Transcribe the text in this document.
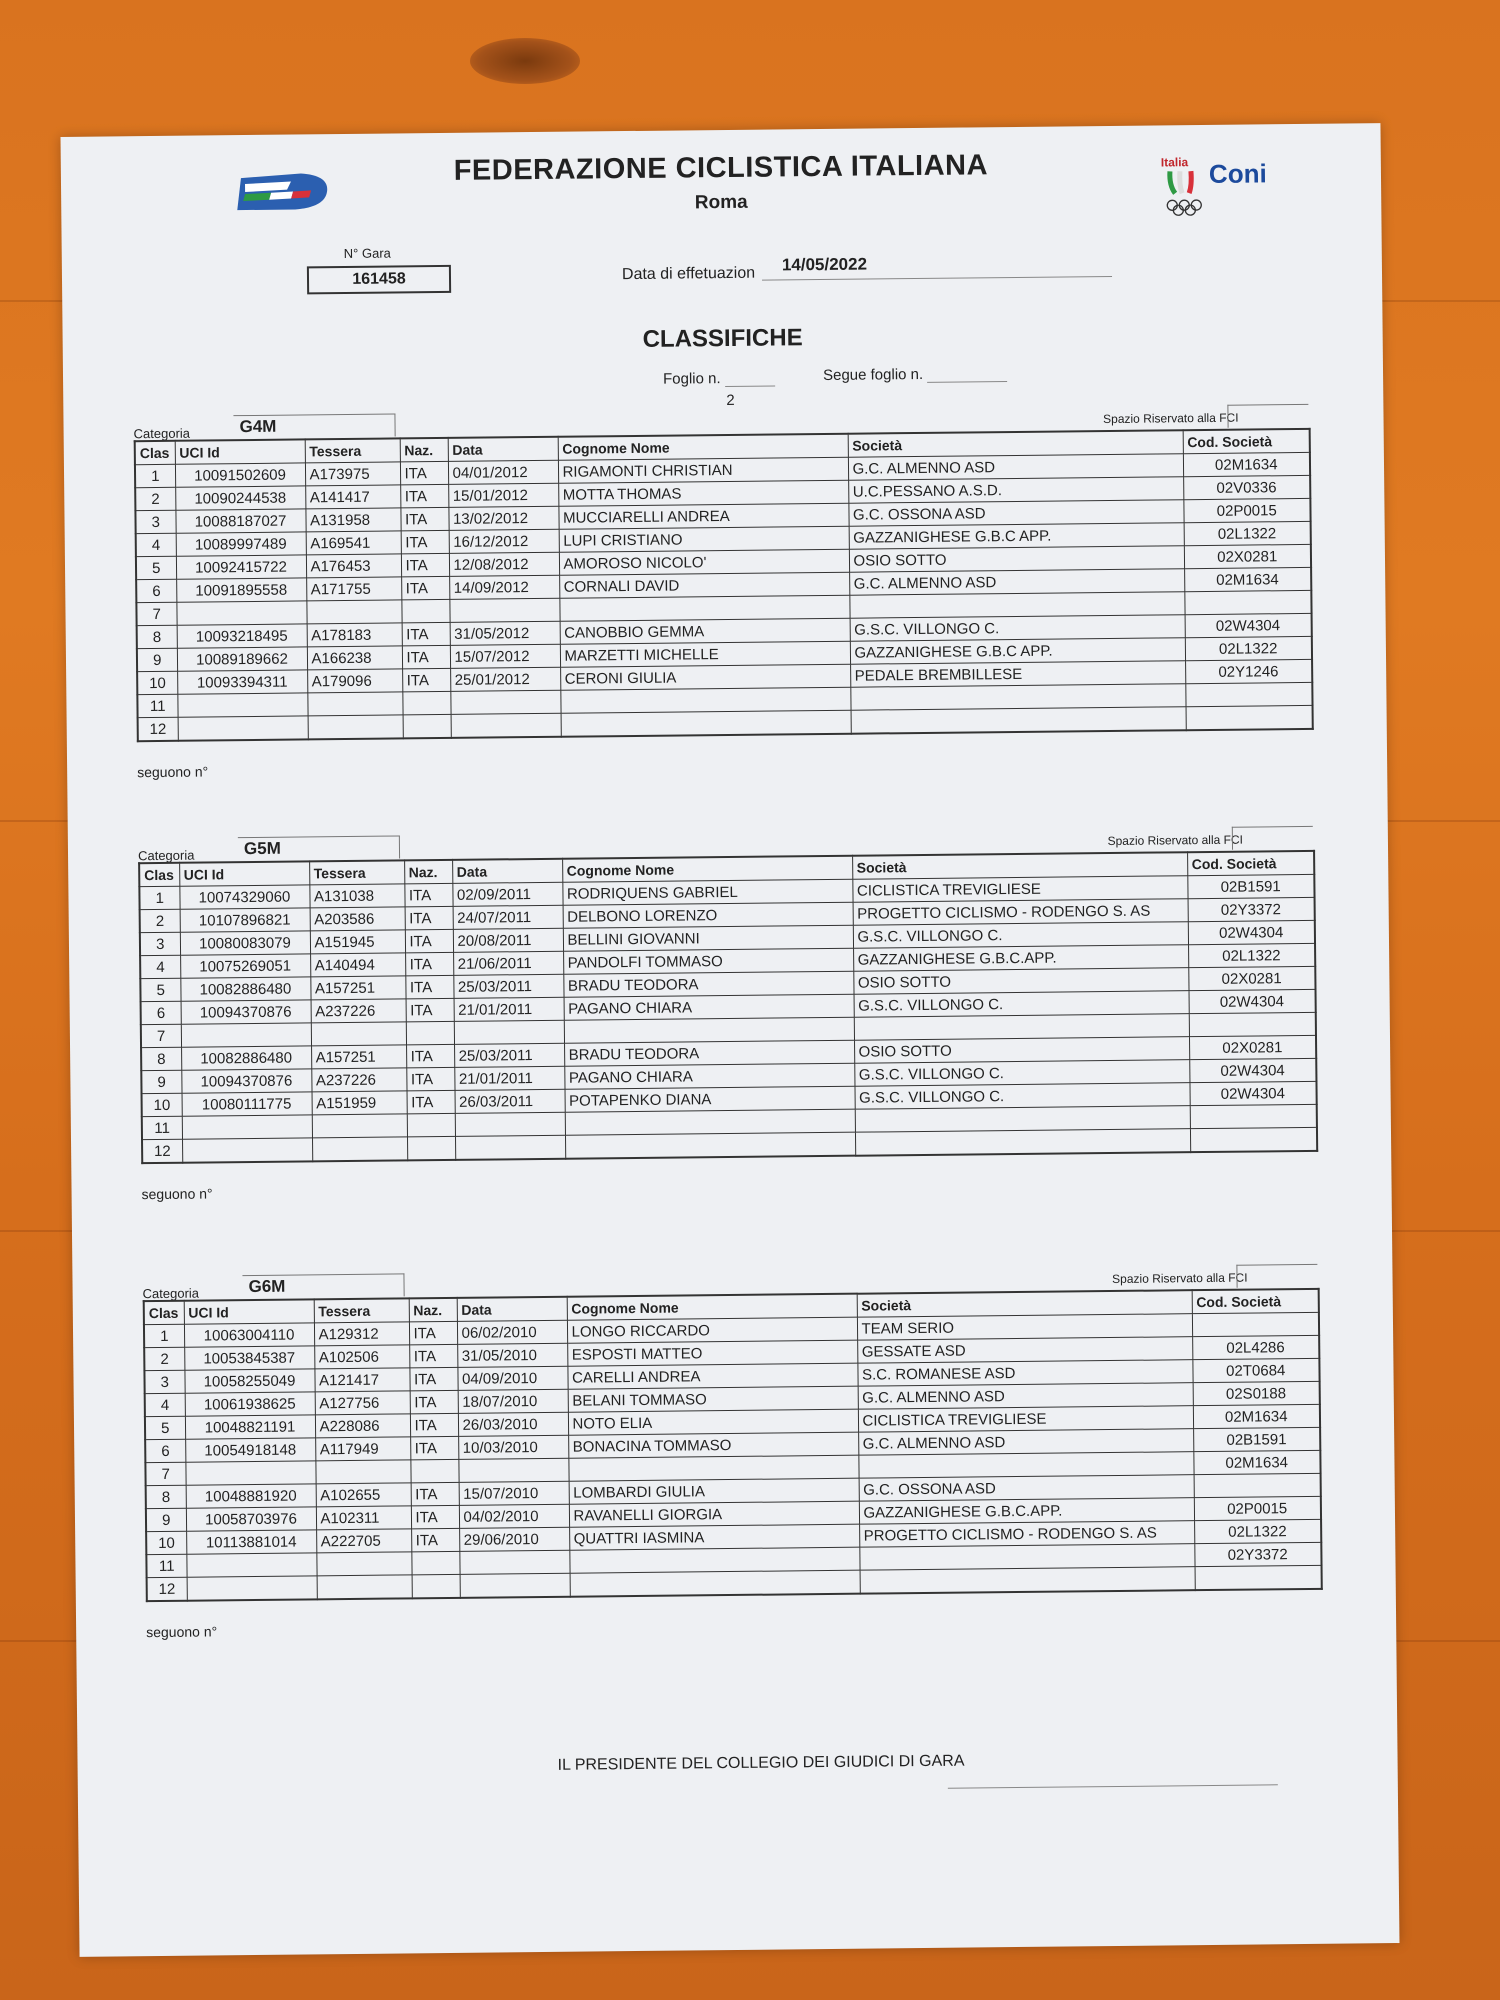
FEDERAZIONE CICLISTICA ITALIANA
Roma
Italia Coni
N° Gara
161458	Data di effetuazion	14/05/2022
CLASSIFICHE
Foglio n.	Segue foglio n.
2
Categoria	G4M	Spazio Riservato alla FCI
Clas	UCI Id	Tessera	Naz.	Data	Cognome Nome	Società	Cod. Società
1	10091502609	A173975	ITA	04/01/2012	RIGAMONTI CHRISTIAN	G.C. ALMENNO ASD	02M1634
2	10090244538	A141417	ITA	15/01/2012	MOTTA THOMAS	U.C.PESSANO A.S.D.	02V0336
3	10088187027	A131958	ITA	13/02/2012	MUCCIARELLI ANDREA	G.C. OSSONA ASD	02P0015
4	10089997489	A169541	ITA	16/12/2012	LUPI CRISTIANO	GAZZANIGHESE G.B.C APP.	02L1322
5	10092415722	A176453	ITA	12/08/2012	AMOROSO NICOLO'	OSIO SOTTO	02X0281
6	10091895558	A171755	ITA	14/09/2012	CORNALI DAVID	G.C. ALMENNO ASD	02M1634
7							
8	10093218495	A178183	ITA	31/05/2012	CANOBBIO GEMMA	G.S.C. VILLONGO C.	02W4304
9	10089189662	A166238	ITA	15/07/2012	MARZETTI MICHELLE	GAZZANIGHESE G.B.C APP.	02L1322
10	10093394311	A179096	ITA	25/01/2012	CERONI GIULIA	PEDALE BREMBILLESE	02Y1246
11							
12							
seguono n°
Categoria	G5M	Spazio Riservato alla FCI
Clas	UCI Id	Tessera	Naz.	Data	Cognome Nome	Società	Cod. Società
1	10074329060	A131038	ITA	02/09/2011	RODRIQUENS GABRIEL	CICLISTICA TREVIGLIESE	02B1591
2	10107896821	A203586	ITA	24/07/2011	DELBONO LORENZO	PROGETTO CICLISMO - RODENGO S. AS	02Y3372
3	10080083079	A151945	ITA	20/08/2011	BELLINI GIOVANNI	G.S.C. VILLONGO C.	02W4304
4	10075269051	A140494	ITA	21/06/2011	PANDOLFI TOMMASO	GAZZANIGHESE G.B.C.APP.	02L1322
5	10082886480	A157251	ITA	25/03/2011	BRADU TEODORA	OSIO SOTTO	02X0281
6	10094370876	A237226	ITA	21/01/2011	PAGANO CHIARA	G.S.C. VILLONGO C.	02W4304
7							
8	10082886480	A157251	ITA	25/03/2011	BRADU TEODORA	OSIO SOTTO	02X0281
9	10094370876	A237226	ITA	21/01/2011	PAGANO CHIARA	G.S.C. VILLONGO C.	02W4304
10	10080111775	A151959	ITA	26/03/2011	POTAPENKO DIANA	G.S.C. VILLONGO C.	02W4304
11							
12							
seguono n°
Categoria	G6M	Spazio Riservato alla FCI
Clas	UCI Id	Tessera	Naz.	Data	Cognome Nome	Società	Cod. Società
1	10063004110	A129312	ITA	06/02/2010	LONGO RICCARDO	TEAM SERIO	
2	10053845387	A102506	ITA	31/05/2010	ESPOSTI MATTEO	GESSATE ASD	02L4286
3	10058255049	A121417	ITA	04/09/2010	CARELLI ANDREA	S.C. ROMANESE ASD	02T0684
4	10061938625	A127756	ITA	18/07/2010	BELANI TOMMASO	G.C. ALMENNO ASD	02S0188
5	10048821191	A228086	ITA	26/03/2010	NOTO ELIA	CICLISTICA TREVIGLIESE	02M1634
6	10054918148	A117949	ITA	10/03/2010	BONACINA TOMMASO	G.C. ALMENNO ASD	02B1591
7							02M1634
8	10048881920	A102655	ITA	15/07/2010	LOMBARDI GIULIA	G.C. OSSONA ASD	
9	10058703976	A102311	ITA	04/02/2010	RAVANELLI GIORGIA	GAZZANIGHESE G.B.C.APP.	02P0015
10	10113881014	A222705	ITA	29/06/2010	QUATTRI IASMINA	PROGETTO CICLISMO - RODENGO S. AS	02L1322
11							02Y3372
12							
seguono n°
IL PRESIDENTE DEL COLLEGIO DEI GIUDICI DI GARA
